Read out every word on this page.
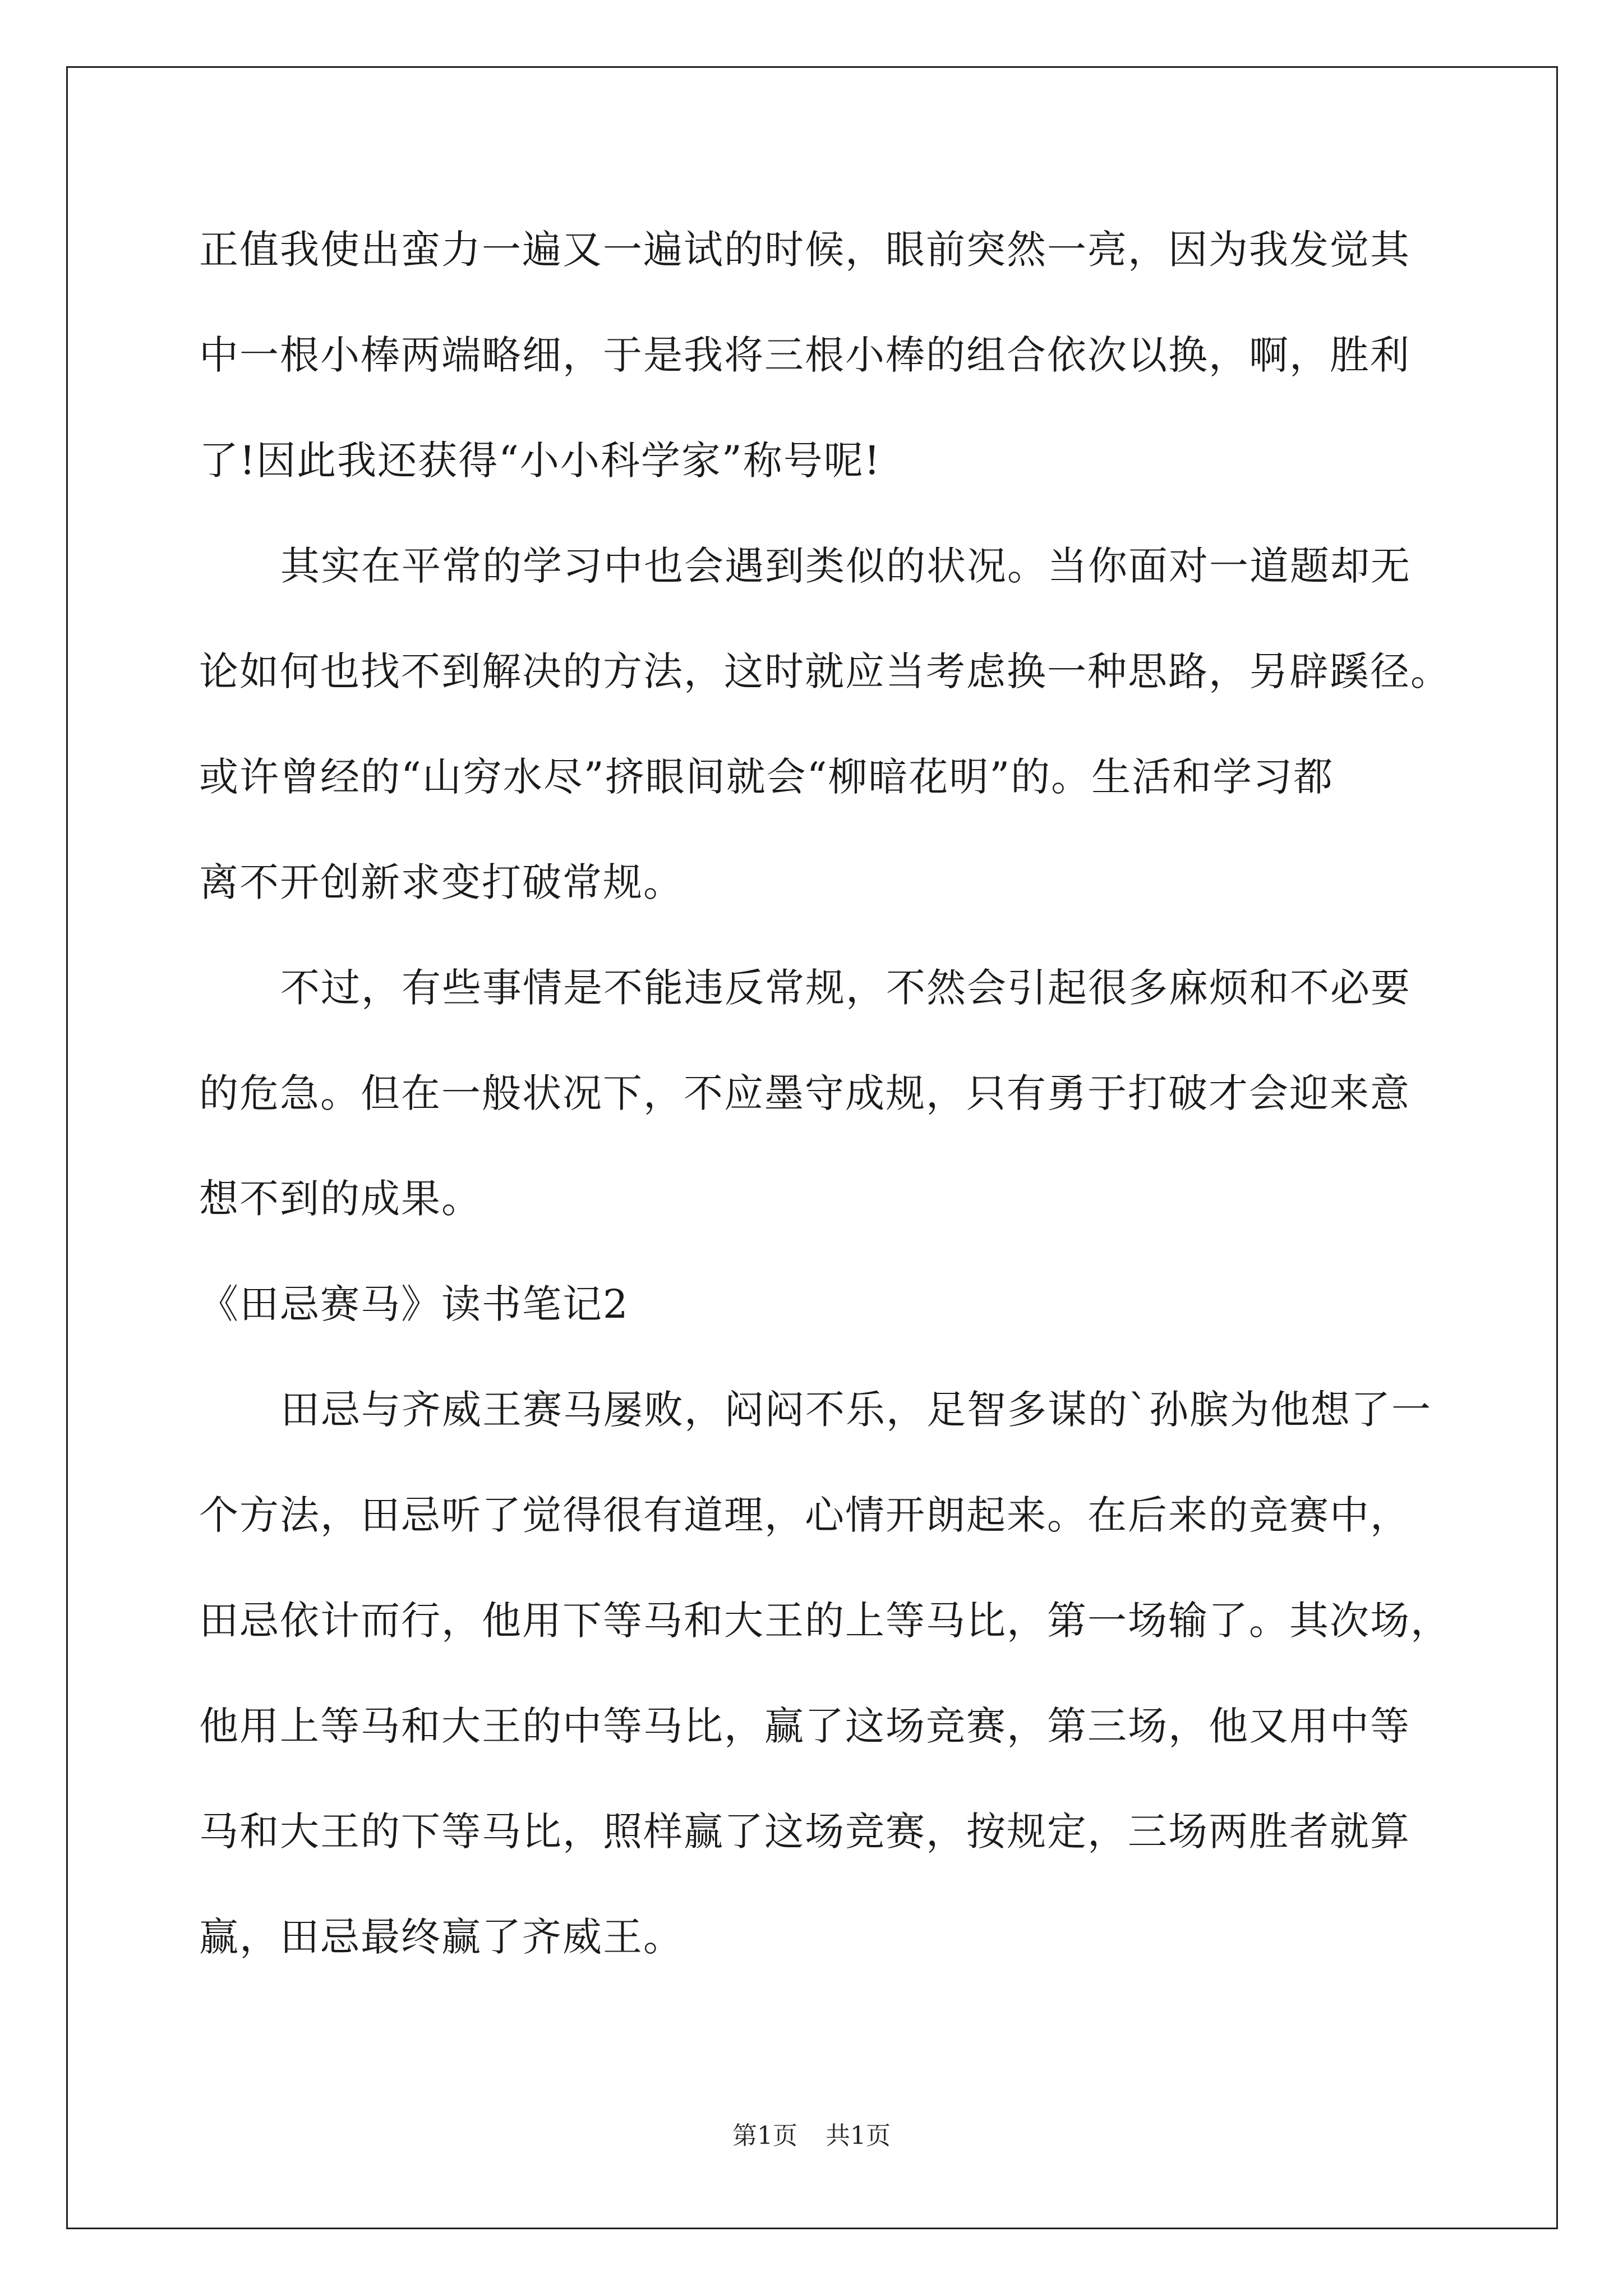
正值我使出蛮力一遍又一遍试的时候，眼前突然一亮，因为我发觉其
中一根小棒两端略细，于是我将三根小棒的组合依次以换，啊，胜利
了!因此我还获得“小小科学家”称号呢!
其实在平常的学习中也会遇到类似的状况。当你面对一道题却无
论如何也找不到解决的方法，这时就应当考虑换一种思路，另辟蹊径。
或许曾经的“山穷水尽”挤眼间就会“柳暗花明”的。生活和学习都
离不开创新求变打破常规。
不过，有些事情是不能违反常规，不然会引起很多麻烦和不必要
的危急。但在一般状况下，不应墨守成规，只有勇于打破才会迎来意
想不到的成果。
《田忌赛马》读书笔记2
田忌与齐威王赛马屡败，闷闷不乐，足智多谋的`孙膑为他想了一
个方法，田忌听了觉得很有道理，心情开朗起来。在后来的竞赛中，
田忌依计而行，他用下等马和大王的上等马比，第一场输了。其次场，
他用上等马和大王的中等马比，赢了这场竞赛，第三场，他又用中等
马和大王的下等马比，照样赢了这场竞赛，按规定，三场两胜者就算
赢，田忌最终赢了齐威王。
第1页 共1页
